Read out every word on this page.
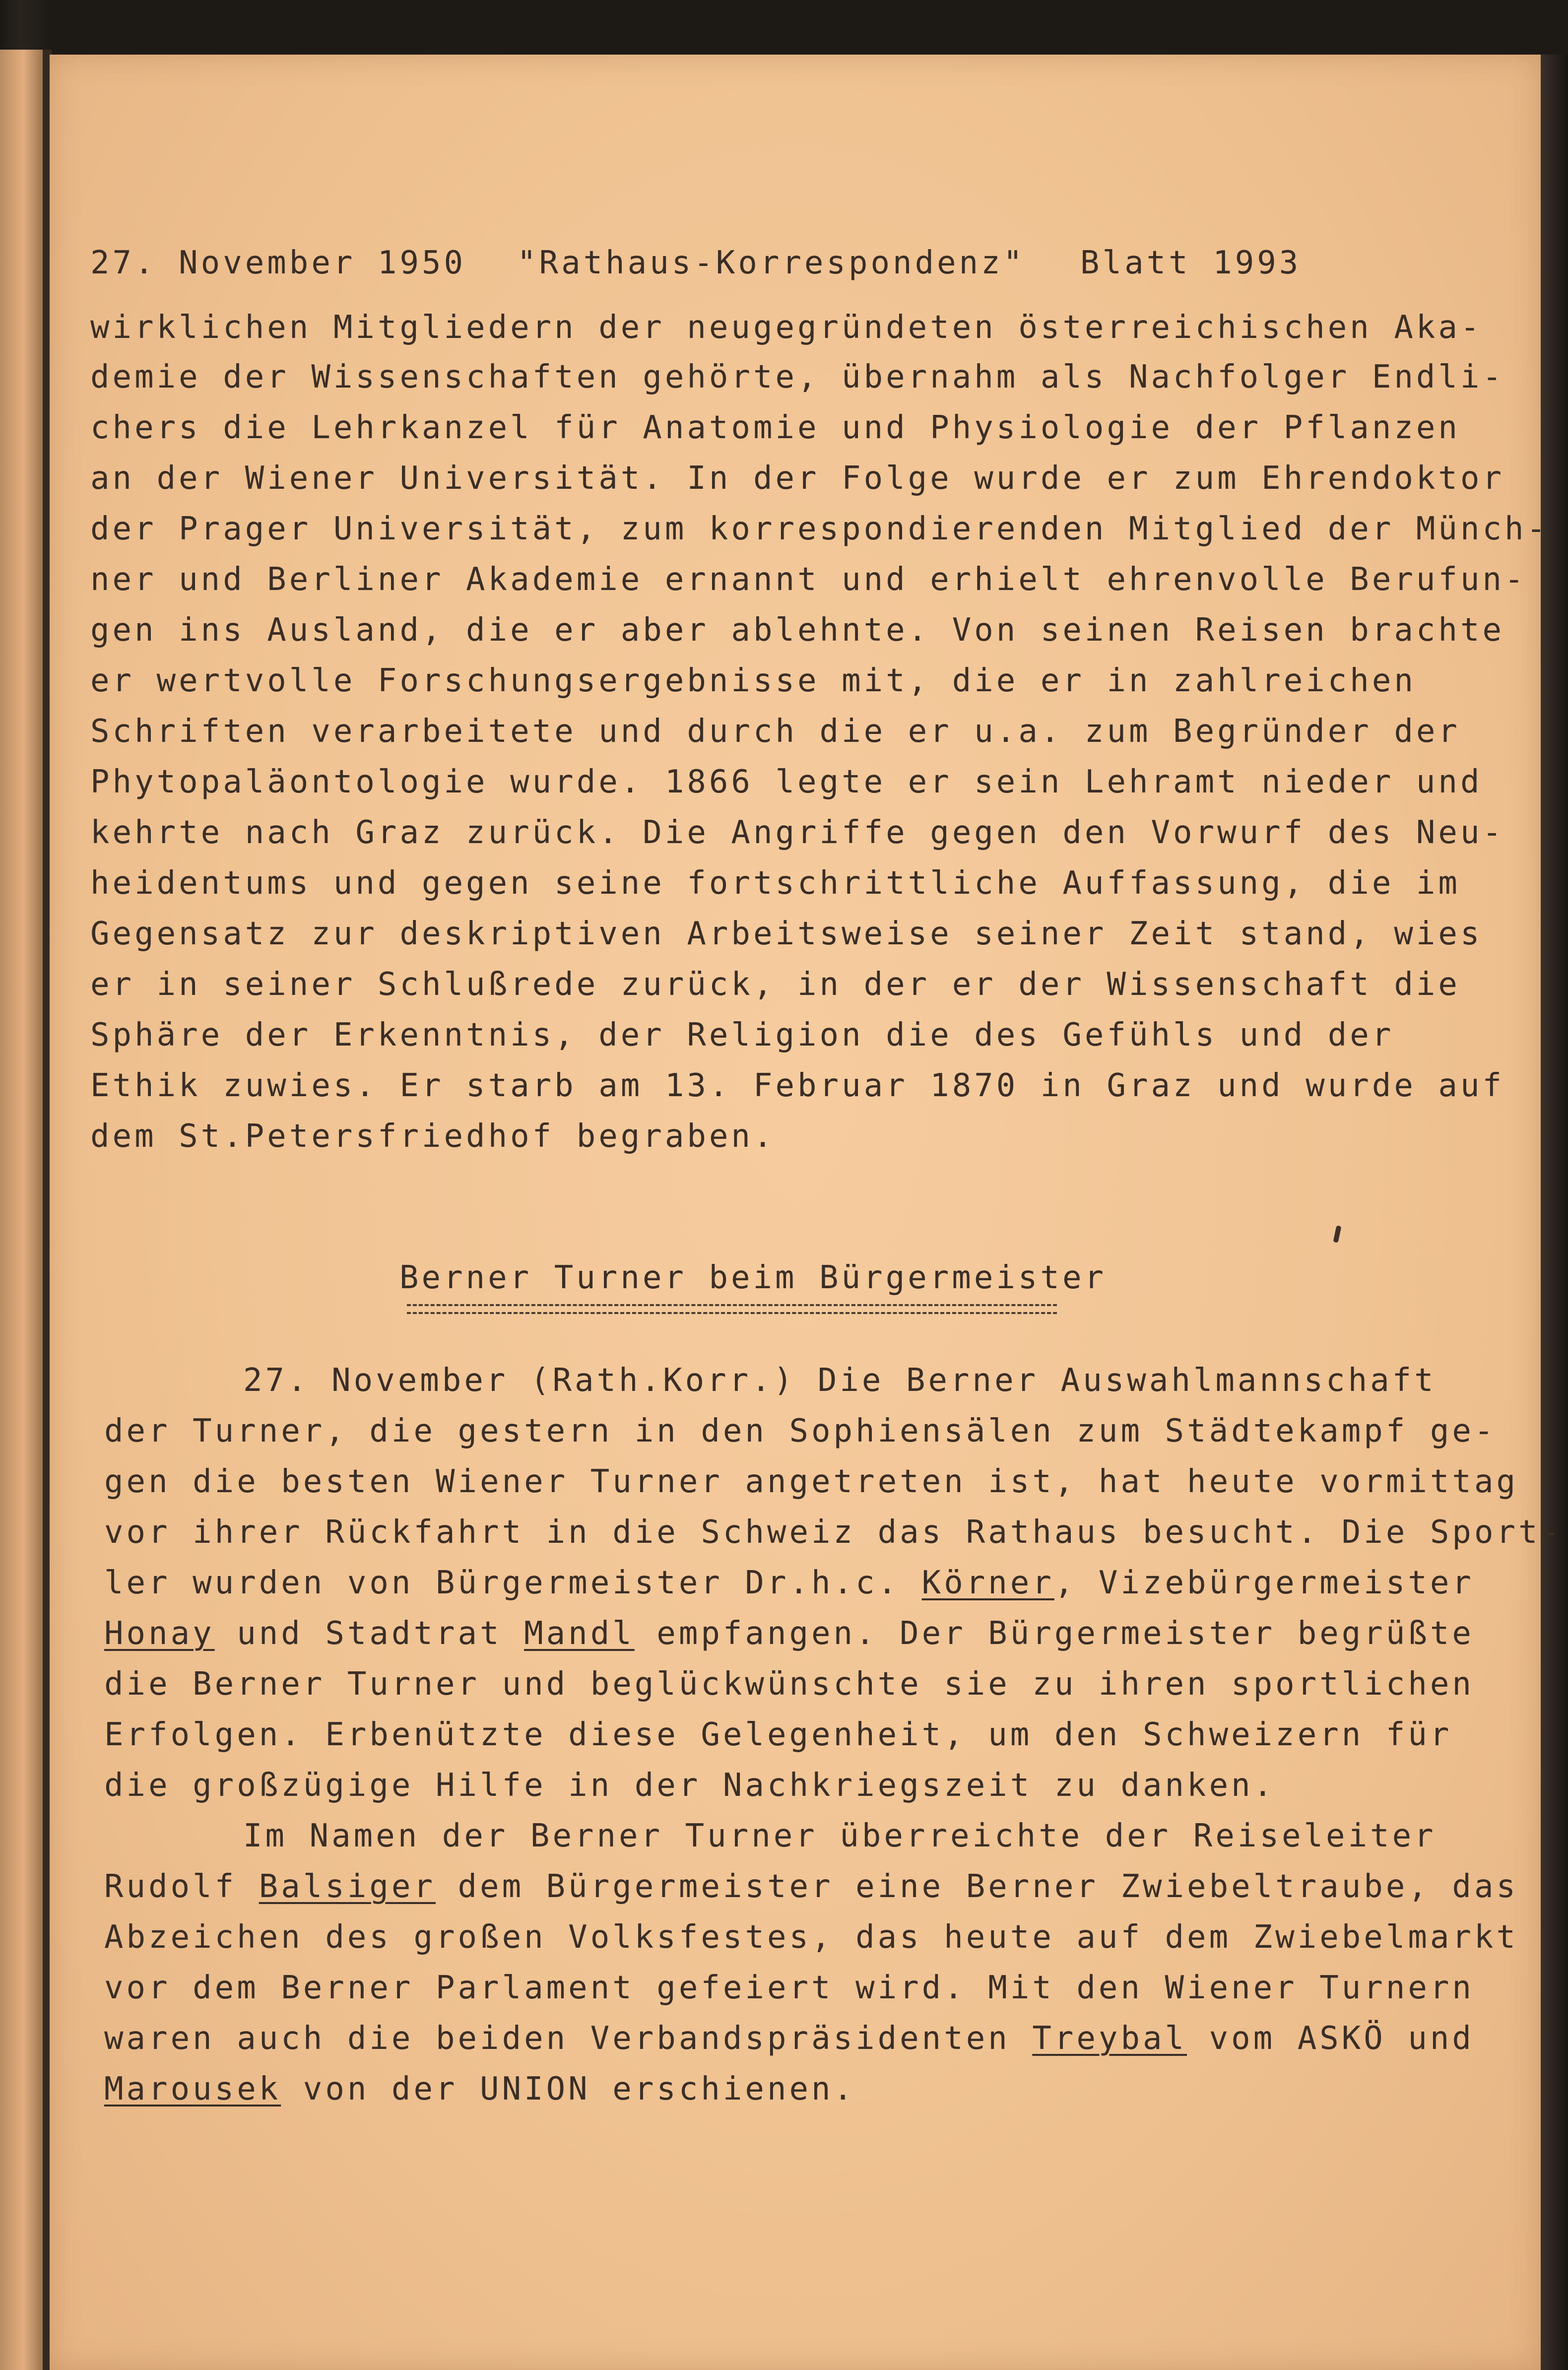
27. November 1950

"Rathaus-Korrespondenz"

Blatt 1993

wirklichen Mitgliedern der neugegründeten österreichischen Aka-
demie der Wissenschaften gehörte, übernahm als Nachfolger Endli-
chers die Lehrkanzel für Anatomie und Physiologie der Pflanzen
an der Wiener Universität. In der Folge wurde er zum Ehrendoktor
der Prager Universität, zum korrespondierenden Mitglied der Münch-
ner und Berliner Akademie ernannt und erhielt ehrenvolle Berufun-
gen ins Ausland, die er aber ablehnte. Von seinen Reisen brachte
er wertvolle Forschungsergebnisse mit, die er in zahlreichen
Schriften verarbeitete und durch die er u.a. zum Begründer der
Phytopaläontologie wurde. 1866 legte er sein Lehramt nieder und
kehrte nach Graz zurück. Die Angriffe gegen den Vorwurf des Neu-
heidentums und gegen seine fortschrittliche Auffassung, die im
Gegensatz zur deskriptiven Arbeitsweise seiner Zeit stand, wies
er in seiner Schlußrede zurück, in der er der Wissenschaft die
Sphäre der Erkenntnis, der Religion die des Gefühls und der
Ethik zuwies. Er starb am 13. Februar 1870 in Graz und wurde auf
dem St.Petersfriedhof begraben.
Berner Turner beim Bürgermeister
27. November (Rath.Korr.) Die Berner Auswahlmannschaft
der Turner, die gestern in den Sophiensälen zum Städtekampf ge-
gen die besten Wiener Turner angetreten ist, hat heute vormittag
vor ihrer Rückfahrt in die Schweiz das Rathaus besucht. Die Sport-
ler wurden von Bürgermeister Dr.h.c. Körner, Vizebürgermeister
Honay und Stadtrat Mandl empfangen. Der Bürgermeister begrüßte
die Berner Turner und beglückwünschte sie zu ihren sportlichen
Erfolgen. Erbenützte diese Gelegenheit, um den Schweizern für
die großzügige Hilfe in der Nachkriegszeit zu danken.
Im Namen der Berner Turner überreichte der Reiseleiter
Rudolf Balsiger dem Bürgermeister eine Berner Zwiebeltraube, das
Abzeichen des großen Volksfestes, das heute auf dem Zwiebelmarkt
vor dem Berner Parlament gefeiert wird. Mit den Wiener Turnern
waren auch die beiden Verbandspräsidenten Treybal vom ASKÖ und
Marousek von der UNION erschienen.
